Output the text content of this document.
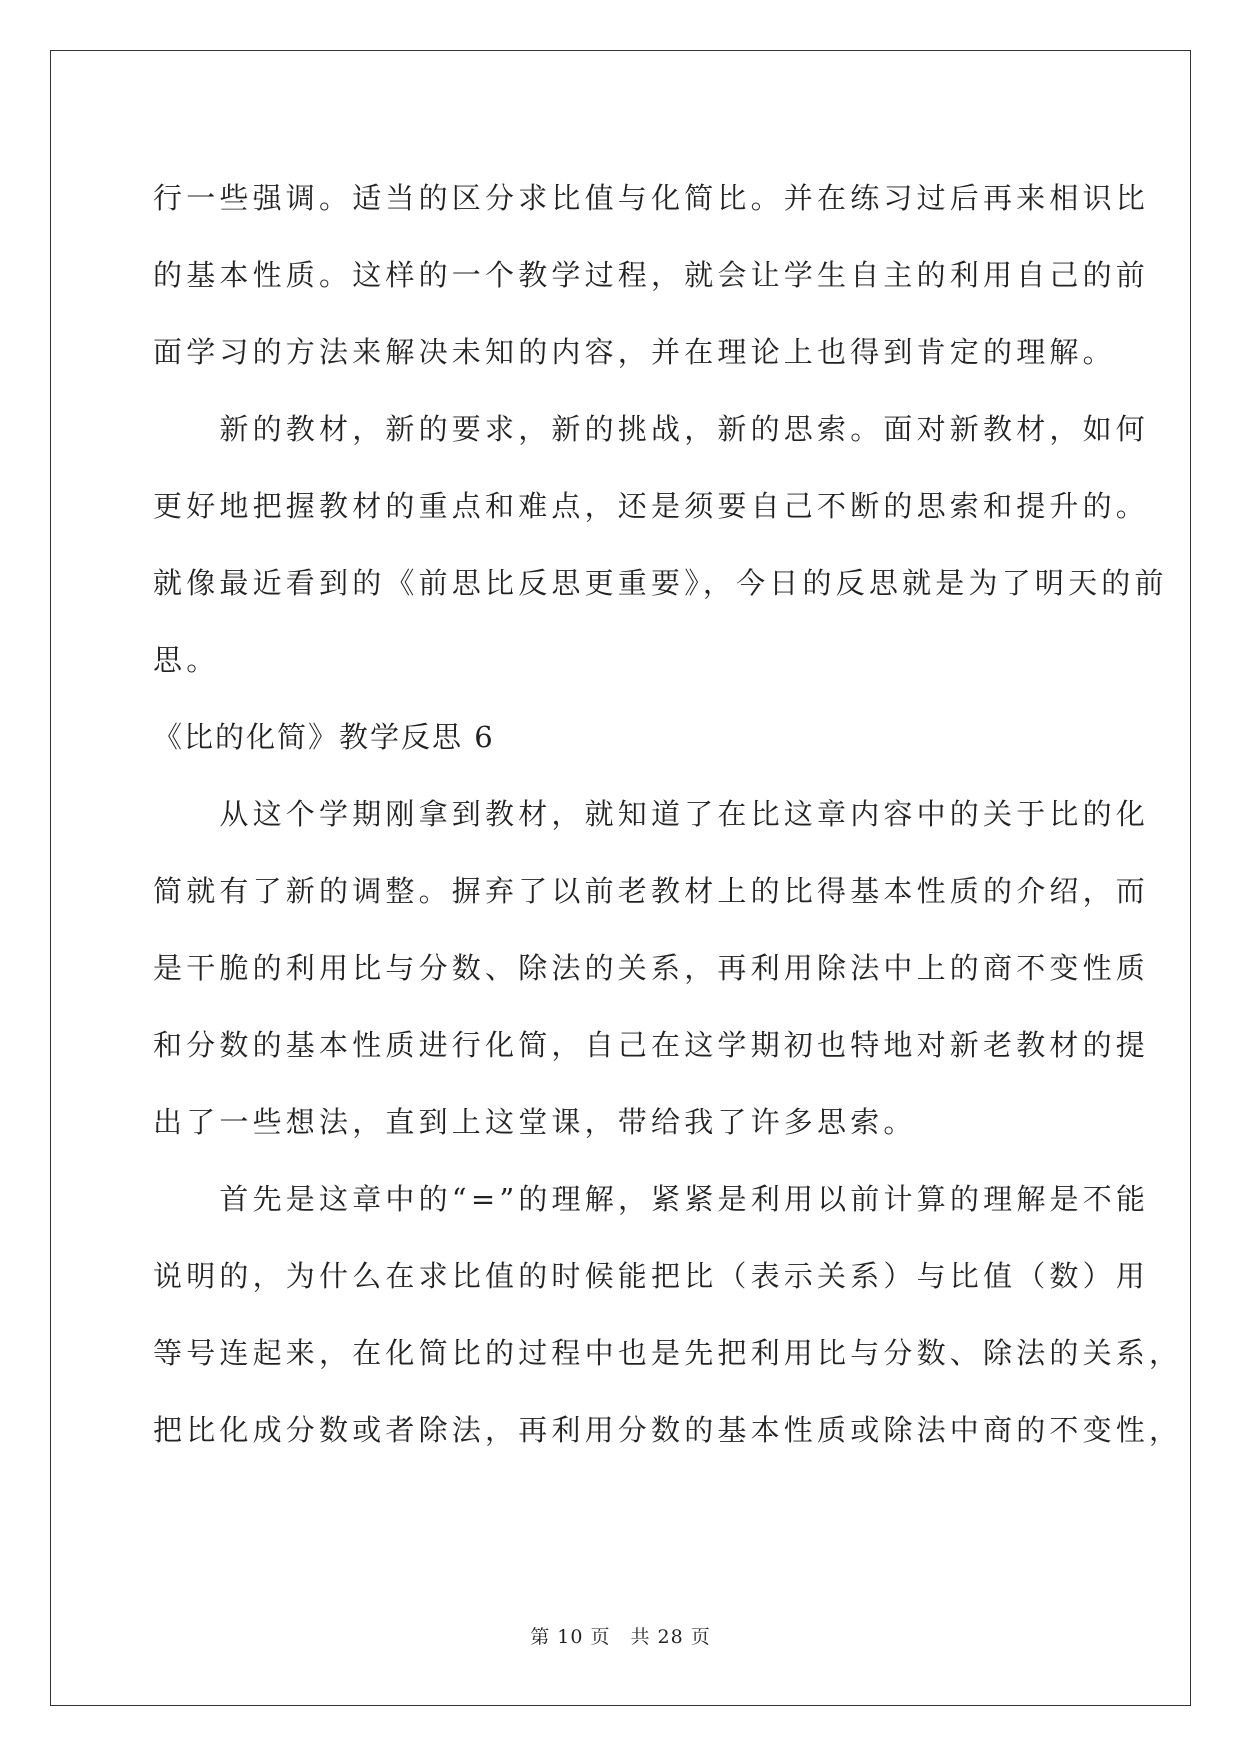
行一些强调。适当的区分求比值与化简比。并在练习过后再来相识比
的基本性质。这样的一个教学过程，就会让学生自主的利用自己的前
面学习的方法来解决未知的内容，并在理论上也得到肯定的理解。
　　新的教材，新的要求，新的挑战，新的思索。面对新教材，如何
更好地把握教材的重点和难点，还是须要自己不断的思索和提升的。
就像最近看到的《前思比反思更重要》，今日的反思就是为了明天的前
思。
《比的化简》教学反思 6
　　从这个学期刚拿到教材，就知道了在比这章内容中的关于比的化
简就有了新的调整。摒弃了以前老教材上的比得基本性质的介绍，而
是干脆的利用比与分数、除法的关系，再利用除法中上的商不变性质
和分数的基本性质进行化简，自己在这学期初也特地对新老教材的提
出了一些想法，直到上这堂课，带给我了许多思索。
　　首先是这章中的“=”的理解，紧紧是利用以前计算的理解是不能
说明的，为什么在求比值的时候能把比（表示关系）与比值（数）用
等号连起来，在化简比的过程中也是先把利用比与分数、除法的关系，
把比化成分数或者除法，再利用分数的基本性质或除法中商的不变性，
第 10 页　共 28 页
